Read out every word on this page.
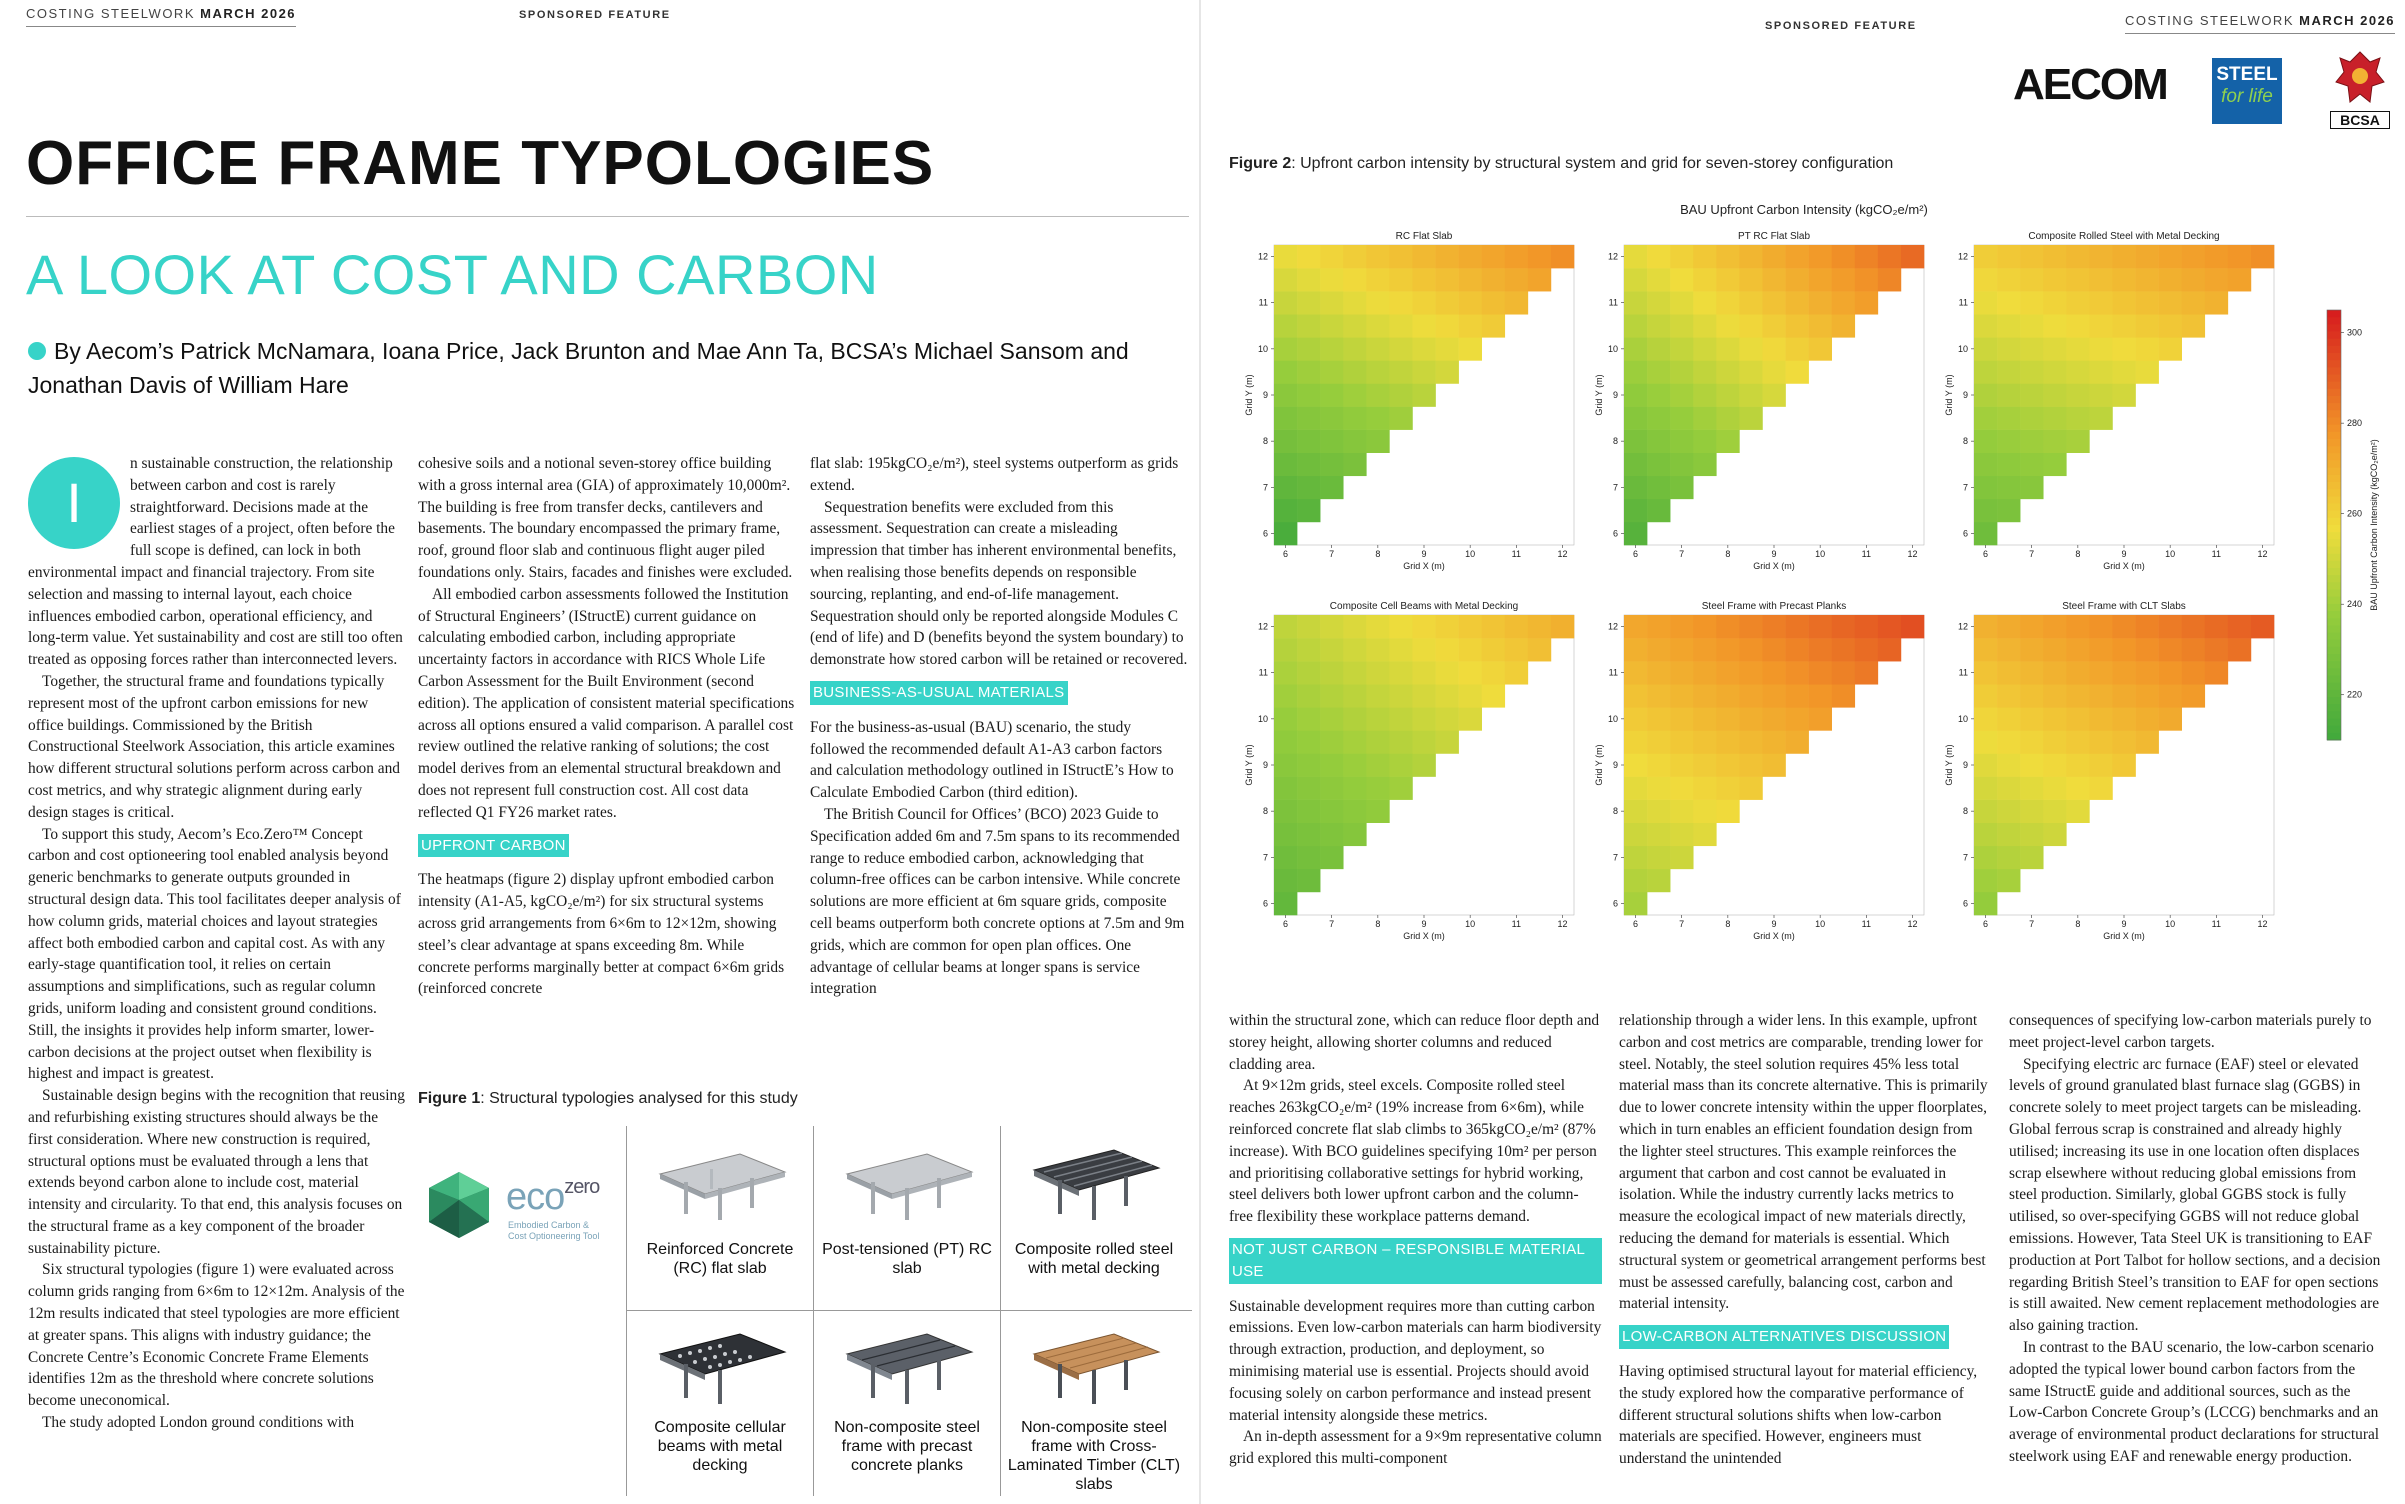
COSTING STEELWORK MARCH 2026	SPONSORED FEATURE
OFFICE FRAME TYPOLOGIES
A LOOK AT COST AND CARBON
By Aecom’s Patrick McNamara, Ioana Price, Jack Brunton and Mae Ann Ta, BCSA’s Michael Sansom and Jonathan Davis of William Hare
I

n sustainable construction, the relationship between carbon and cost is rarely straightforward. Decisions made at the earliest stages of a project, often before the full scope is defined, can lock in both environmental impact and financial trajectory. From site selection and massing to internal layout, each choice influences embodied carbon, operational efficiency, and long-term value. Yet sustainability and cost are still too often treated as opposing forces rather than interconnected levers.

Together, the structural frame and foundations typically represent most of the upfront carbon emissions for new office buildings. Commissioned by the British Constructional Steelwork Association, this article examines how different structural solutions perform across carbon and cost metrics, and why strategic alignment during early design stages is critical.

To support this study, Aecom’s Eco.Zero™ Concept carbon and cost optioneering tool enabled analysis beyond generic benchmarks to generate outputs grounded in structural design data. This tool facilitates deeper analysis of how column grids, material choices and layout strategies affect both embodied carbon and capital cost. As with any early-stage quantification tool, it relies on certain assumptions and simplifications, such as regular column grids, uniform loading and consistent ground conditions. Still, the insights it provides help inform smarter, lower-carbon decisions at the project outset when flexibility is highest and impact is greatest.

Sustainable design begins with the recognition that reusing and refurbishing existing structures should always be the first consideration. Where new construction is required, structural options must be evaluated through a lens that extends beyond carbon alone to include cost, material intensity and circularity. To that end, this analysis focuses on the structural frame as a key component of the broader sustainability picture.

Six structural typologies (figure 1) were evaluated across column grids ranging from 6×6m to 12×12m. Analysis of the 12m results indicated that steel typologies are more efficient at greater spans. This aligns with industry guidance; the Concrete Centre’s Economic Concrete Frame Elements identifies 12m as the threshold where concrete solutions become uneconomical.

The study adopted London ground conditions with

cohesive soils and a notional seven-storey office building with a gross internal area (GIA) of approximately 10,000m². The building is free from transfer decks, cantilevers and basements. The boundary encompassed the primary frame, roof, ground floor slab and continuous flight auger piled foundations only. Stairs, facades and finishes were excluded.

All embodied carbon assessments followed the Institution of Structural Engineers’ (IStructE) current guidance on calculating embodied carbon, including appropriate uncertainty factors in accordance with RICS Whole Life Carbon Assessment for the Built Environment (second edition). The application of consistent material specifications across all options ensured a valid comparison. A parallel cost review outlined the relative ranking of solutions; the cost model derives from an elemental structural breakdown and does not represent full construction cost. All cost data reflected Q1 FY26 market rates.

UPFRONT CARBON

The heatmaps (figure 2) display upfront embodied carbon intensity (A1-A5, kgCO₂e/m²) for six structural systems across grid arrangements from 6×6m to 12×12m, showing steel’s clear advantage at spans exceeding 8m. While concrete performs marginally better at compact 6×6m grids (reinforced concrete

flat slab: 195kgCO₂e/m²), steel systems outperform as grids extend.

Sequestration benefits were excluded from this assessment. Sequestration can create a misleading impression that timber has inherent environmental benefits, when realising those benefits depends on responsible sourcing, replanting, and end-of-life management. Sequestration should only be reported alongside Modules C (end of life) and D (benefits beyond the system boundary) to demonstrate how stored carbon will be retained or recovered.

BUSINESS-AS-USUAL MATERIALS

For the business-as-usual (BAU) scenario, the study followed the recommended default A1-A3 carbon factors and calculation methodology outlined in IStructE’s How to Calculate Embodied Carbon (third edition).

The British Council for Offices’ (BCO) 2023 Guide to Specification added 6m and 7.5m spans to its recommended range to reduce embodied carbon, acknowledging that column-free offices can be carbon intensive. While concrete solutions are more efficient at 6m square grids, composite cell beams outperform both concrete options at 7.5m and 9m grids, which are common for open plan offices. One advantage of cellular beams at longer spans is service integration

Figure 1: Structural typologies analysed for this study
eco$^{zero}$
Embodied Carbon &
Cost Optioneering Tool
Reinforced Concrete (RC) flat slab
Post-tensioned (PT) RC slab
Composite rolled steel with metal decking
Composite cellular beams with metal decking
Non-composite steel frame with precast concrete planks
Non-composite steel frame with Cross-Laminated Timber (CLT) slabs
SPONSORED FEATURE	COSTING STEELWORK MARCH 2026
AECOM	STEEL
for life
BCSA
Figure 2: Upfront carbon intensity by structural system and grid for seven-storey configuration
BAU Upfront Carbon Intensity (kgCO₂e/m²)
RC Flat Slab
6	7	8	9	10	11	12
6
7
8
9
10
11
12
Grid X (m)
Grid Y (m)
PT RC Flat Slab
6	7	8	9	10	11	12
6
7
8
9
10
11
12
Grid X (m)
Grid Y (m)
Composite Rolled Steel with Metal Decking
6	7	8	9	10	11	12
6
7
8
9
10
11
12
Grid X (m)
Grid Y (m)
Composite Cell Beams with Metal Decking
6	7	8	9	10	11	12
6
7
8
9
10
11
12
Grid X (m)
Grid Y (m)
Steel Frame with Precast Planks
6	7	8	9	10	11	12
6
7
8
9
10
11
12
Grid X (m)
Grid Y (m)
Steel Frame with CLT Slabs
6	7	8	9	10	11	12
6
7
8
9
10
11
12
Grid X (m)
Grid Y (m)
220
240
260
280
300
BAU Upfront Carbon Intensity (kgCO₂e/m²)

within the structural zone, which can reduce floor depth and storey height, allowing shorter columns and reduced cladding area.

At 9×12m grids, steel excels. Composite rolled steel reaches 263kgCO₂e/m² (19% increase from 6×6m), while reinforced concrete flat slab climbs to 365kgCO₂e/m² (87% increase). With BCO guidelines specifying 10m² per person and prioritising collaborative settings for hybrid working, steel delivers both lower upfront carbon and the column-free flexibility these workplace patterns demand.

NOT JUST CARBON – RESPONSIBLE MATERIAL USE

Sustainable development requires more than cutting carbon emissions. Even low-carbon materials can harm biodiversity through extraction, production, and deployment, so minimising material use is essential. Projects should avoid focusing solely on carbon performance and instead present material intensity alongside these metrics.

An in-depth assessment for a 9×9m representative column grid explored this multi-component

relationship through a wider lens. In this example, upfront carbon and cost metrics are comparable, trending lower for steel. Notably, the steel solution requires 45% less total material mass than its concrete alternative. This is primarily due to lower concrete intensity within the upper floorplates, which in turn enables an efficient foundation design from the lighter steel structures. This example reinforces the argument that carbon and cost cannot be evaluated in isolation. While the industry currently lacks metrics to measure the ecological impact of new materials directly, reducing the demand for materials is essential. Which structural system or geometrical arrangement performs best must be assessed carefully, balancing cost, carbon and material intensity.

LOW-CARBON ALTERNATIVES DISCUSSION

Having optimised structural layout for material efficiency, the study explored how the comparative performance of different structural solutions shifts when low-carbon materials are specified. However, engineers must understand the unintended

consequences of specifying low-carbon materials purely to meet project-level carbon targets.

Specifying electric arc furnace (EAF) steel or elevated levels of ground granulated blast furnace slag (GGBS) in concrete solely to meet project targets can be misleading. Global ferrous scrap is constrained and already highly utilised; increasing its use in one location often displaces scrap elsewhere without reducing global emissions from steel production. Similarly, global GGBS stock is fully utilised, so over-specifying GGBS will not reduce global emissions. However, Tata Steel UK is transitioning to EAF production at Port Talbot for hollow sections, and a decision regarding British Steel’s transition to EAF for open sections is still awaited. New cement replacement methodologies are also gaining traction.

In contrast to the BAU scenario, the low-carbon scenario adopted the typical lower bound carbon factors from the same IStructE guide and additional sources, such as the Low-Carbon Concrete Group’s (LCCG) benchmarks and an average of environmental product declarations for structural steelwork using EAF and renewable energy production.
